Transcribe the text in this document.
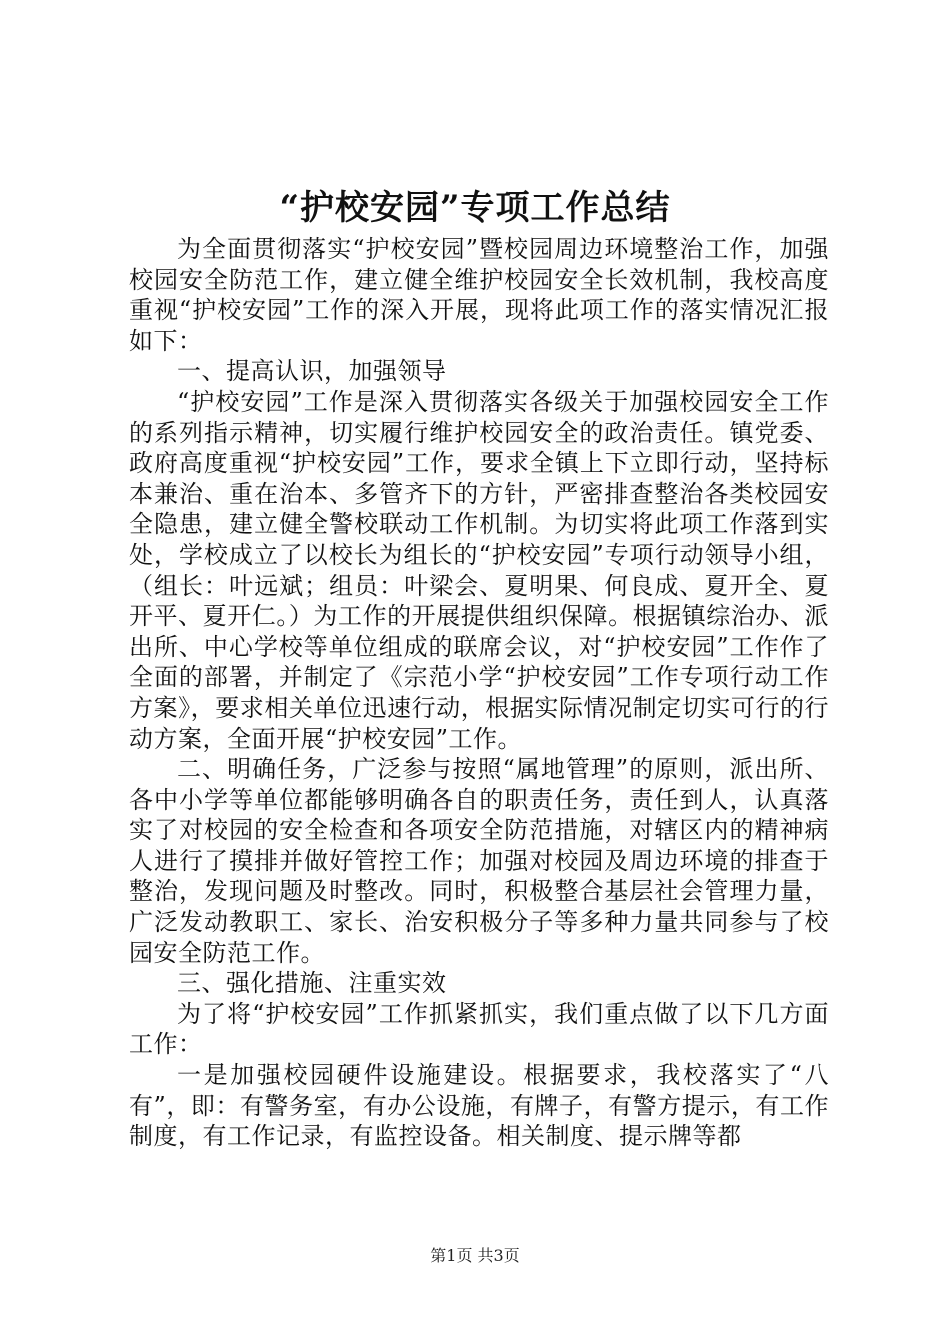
“护校安园”专项工作总结

为全面贯彻落实“护校安园”暨校园周边环境整治工作，加强校园安全防范工作，建立健全维护校园安全长效机制，我校高度重视“护校安园”工作的深入开展，现将此项工作的落实情况汇报如下：

一、提高认识，加强领导

“护校安园”工作是深入贯彻落实各级关于加强校园安全工作的系列指示精神，切实履行维护校园安全的政治责任。镇党委、政府高度重视“护校安园”工作，要求全镇上下立即行动，坚持标本兼治、重在治本、多管齐下的方针，严密排查整治各类校园安全隐患，建立健全警校联动工作机制。为切实将此项工作落到实处，学校成立了以校长为组长的“护校安园”专项行动领导小组，（组长：叶远斌；组员：叶梁会、夏明果、何良成、夏开全、夏开平、夏开仁。）为工作的开展提供组织保障。根据镇综治办、派出所、中心学校等单位组成的联席会议，对“护校安园”工作作了全面的部署，并制定了《宗范小学“护校安园”工作专项行动工作方案》，要求相关单位迅速行动，根据实际情况制定切实可行的行动方案，全面开展“护校安园”工作。

二、明确任务，广泛参与按照“属地管理”的原则，派出所、各中小学等单位都能够明确各自的职责任务，责任到人，认真落实了对校园的安全检查和各项安全防范措施，对辖区内的精神病人进行了摸排并做好管控工作；加强对校园及周边环境的排查于整治，发现问题及时整改。同时，积极整合基层社会管理力量，广泛发动教职工、家长、治安积极分子等多种力量共同参与了校园安全防范工作。

三、强化措施、注重实效

为了将“护校安园”工作抓紧抓实，我们重点做了以下几方面工作：

一是加强校园硬件设施建设。根据要求，我校落实了“八有”，即：有警务室，有办公设施，有牌子，有警方提示，有工作制度，有工作记录，有监控设备。相关制度、提示牌等都

第1页 共3页
